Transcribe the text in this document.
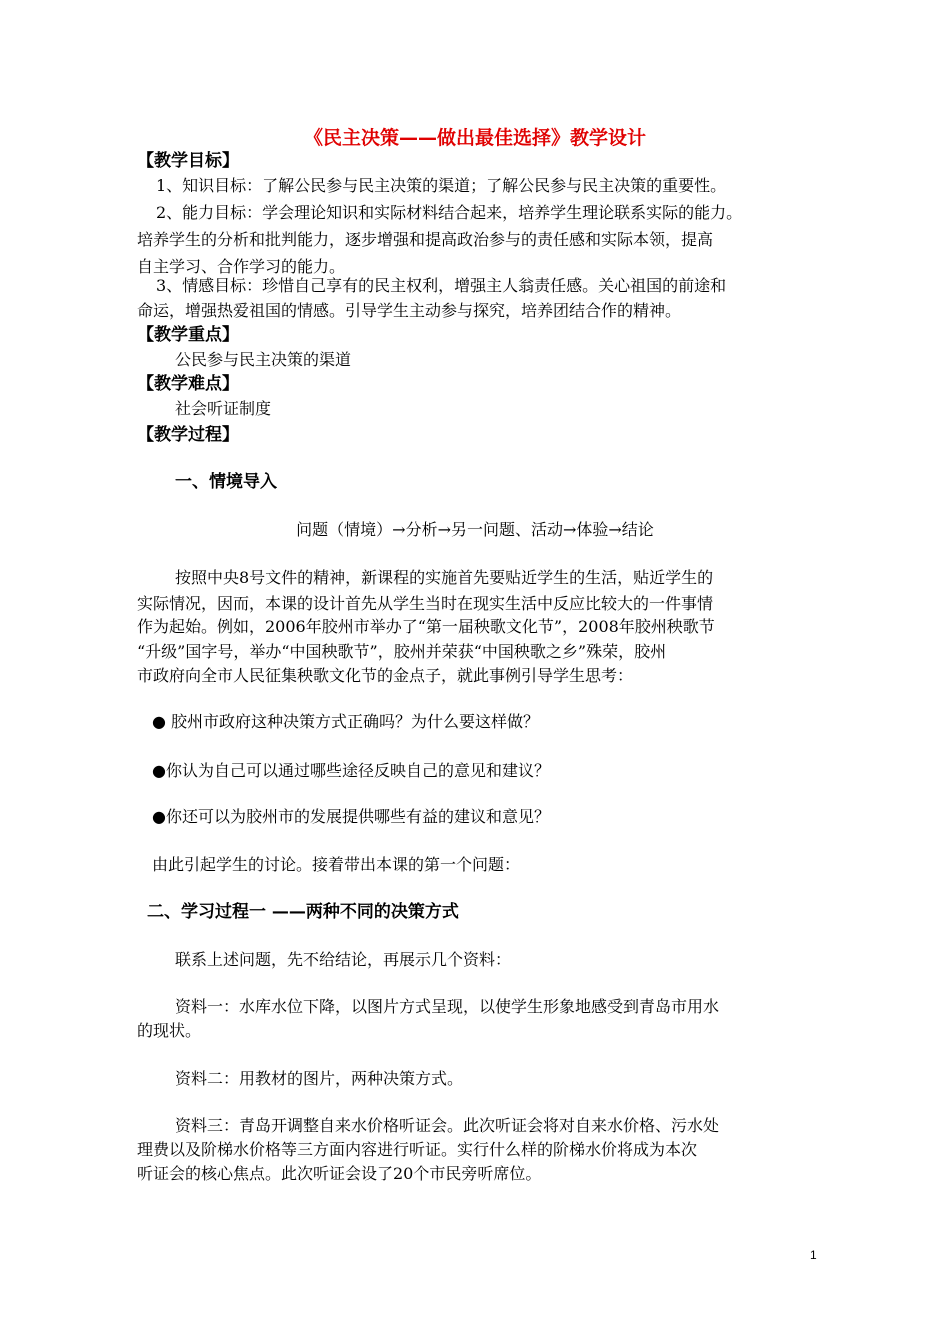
《民主决策——做出最佳选择》教学设计
【教学目标】
1、知识目标：了解公民参与民主决策的渠道；了解公民参与民主决策的重要性。
2、能力目标：学会理论知识和实际材料结合起来，培养学生理论联系实际的能力。
培养学生的分析和批判能力，逐步增强和提高政治参与的责任感和实际本领，提高
自主学习、合作学习的能力。
3、情感目标：珍惜自己享有的民主权利，增强主人翁责任感。关心祖国的前途和
命运，增强热爱祖国的情感。引导学生主动参与探究，培养团结合作的精神。
【教学重点】
公民参与民主决策的渠道
【教学难点】
社会听证制度
【教学过程】
一、情境导入
问题（情境）→分析→另一问题、活动→体验→结论
按照中央8号文件的精神，新课程的实施首先要贴近学生的生活，贴近学生的
实际情况，因而，本课的设计首先从学生当时在现实生活中反应比较大的一件事情
作为起始。例如，2006年胶州市举办了“第一届秧歌文化节”，2008年胶州秧歌节
“升级”国字号，举办“中国秧歌节”，胶州并荣获“中国秧歌之乡”殊荣，胶州
市政府向全市人民征集秧歌文化节的金点子，就此事例引导学生思考：
● 胶州市政府这种决策方式正确吗？为什么要这样做？
●你认为自己可以通过哪些途径反映自己的意见和建议？
●你还可以为胶州市的发展提供哪些有益的建议和意见？
由此引起学生的讨论。接着带出本课的第一个问题：
二、学习过程一 ——两种不同的决策方式
联系上述问题，先不给结论，再展示几个资料：
资料一：水库水位下降，以图片方式呈现，以使学生形象地感受到青岛市用水
的现状。
资料二：用教材的图片，两种决策方式。
资料三：青岛开调整自来水价格听证会。此次听证会将对自来水价格、污水处
理费以及阶梯水价格等三方面内容进行听证。实行什么样的阶梯水价将成为本次
听证会的核心焦点。此次听证会设了20个市民旁听席位。
1
